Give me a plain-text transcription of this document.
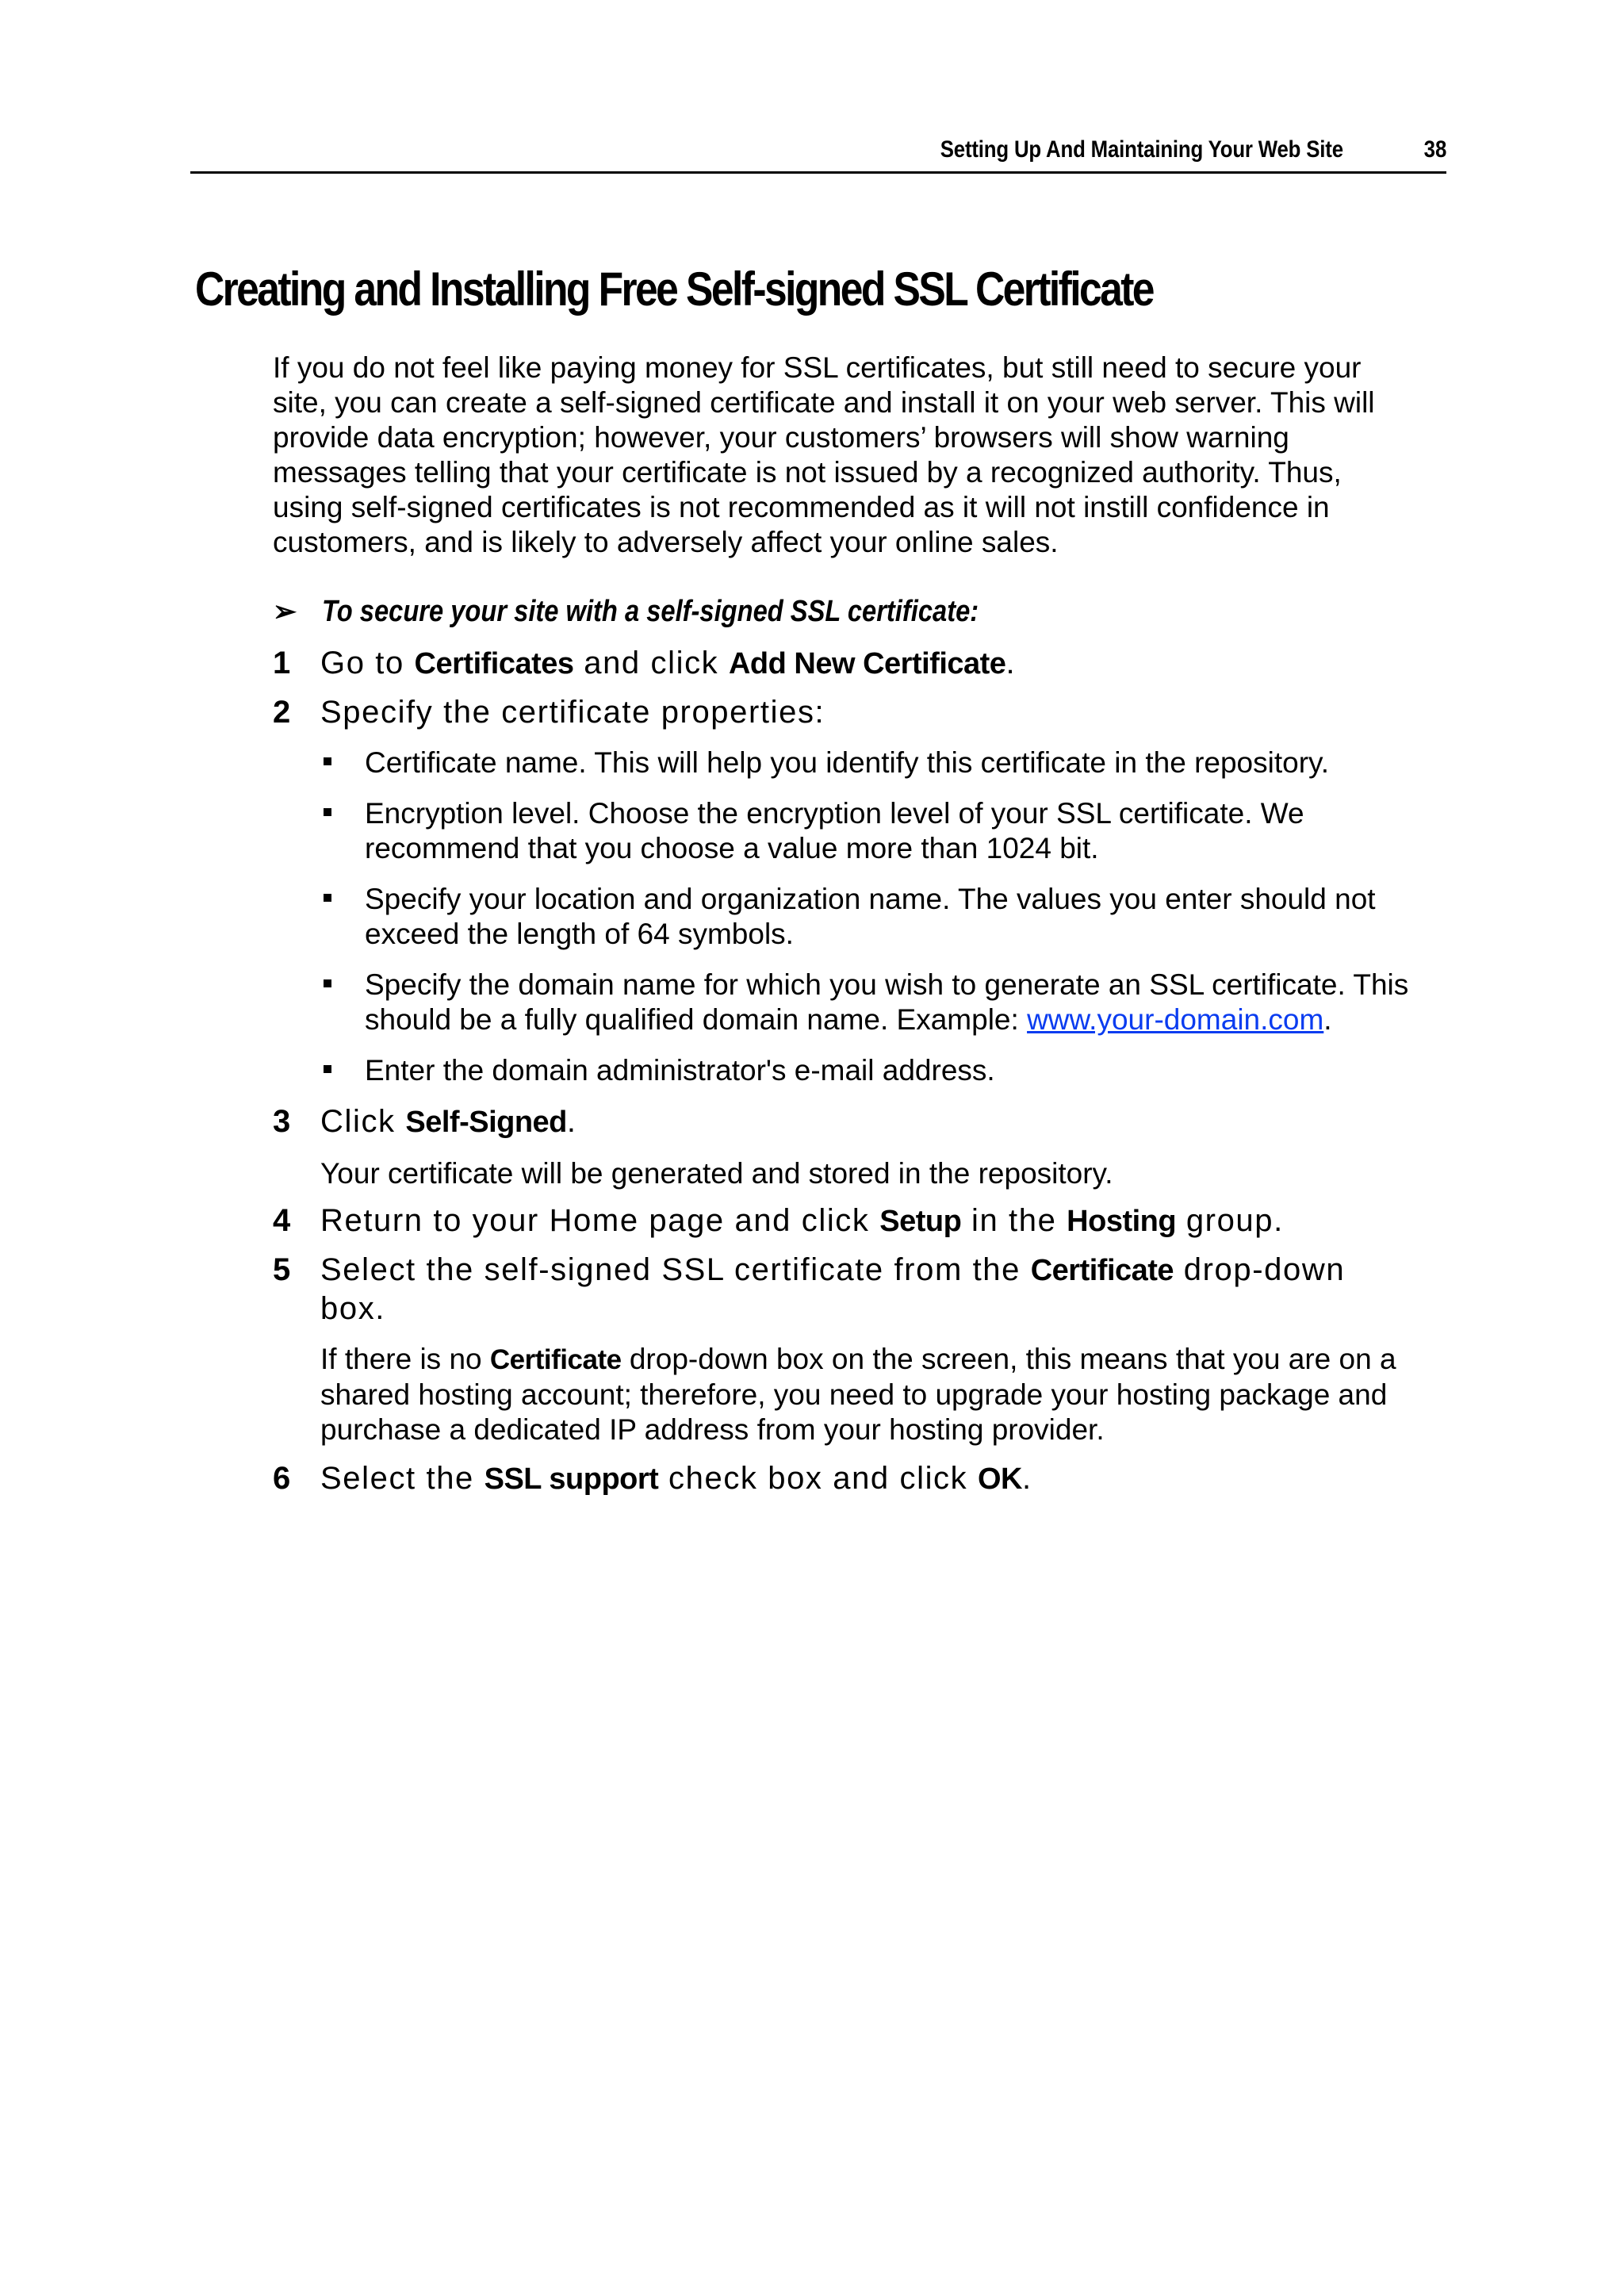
Setting Up And Maintaining Your Web Site	38
Creating and Installing Free Self-signed SSL Certificate

If you do not feel like paying money for SSL certificates, but still need to secure your site, you can create a self-signed certificate and install it on your web server. This will provide data encryption; however, your customers’ browsers will show warning messages telling that your certificate is not issued by a recognized authority. Thus, using self-signed certificates is not recommended as it will not instill confidence in customers, and is likely to adversely affect your online sales.

➢ To secure your site with a self-signed SSL certificate:
1 Go to Certificates and click Add New Certificate.
2 Specify the certificate properties:
Certificate name. This will help you identify this certificate in the repository.
Encryption level. Choose the encryption level of your SSL certificate. We recommend that you choose a value more than 1024 bit.
Specify your location and organization name. The values you enter should not exceed the length of 64 symbols.
Specify the domain name for which you wish to generate an SSL certificate. This should be a fully qualified domain name. Example: www.your-domain.com.
Enter the domain administrator's e-mail address.
3 Click Self-Signed.

Your certificate will be generated and stored in the repository.

4 Return to your Home page and click Setup in the Hosting group.
5 Select the self-signed SSL certificate from the Certificate drop-down box.

If there is no Certificate drop-down box on the screen, this means that you are on a shared hosting account; therefore, you need to upgrade your hosting package and purchase a dedicated IP address from your hosting provider.

6 Select the SSL support check box and click OK.
